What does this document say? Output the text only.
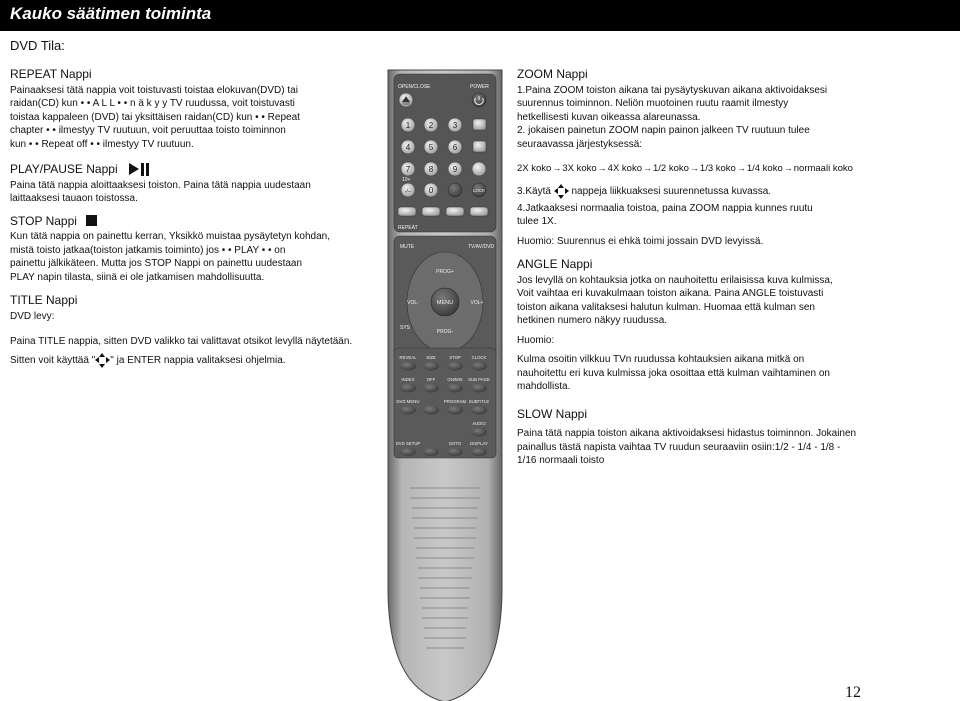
Kauko säätimen toiminta
DVD Tila:
REPEAT Nappi

Painaaksesi tätä nappia voit toistuvasti toistaa elokuvan(DVD) tai

raidan(CD) kun • • A L L • • n ä k y y TV ruudussa, voit toistuvasti

toistaa kappaleen (DVD) tai yksittäisen raidan(CD) kun • • Repeat

chapter • • ilmestyy TV ruutuun, voit peruuttaa toisto toiminnon

kun • • Repeat off • • ilmestyy TV ruutuun.

PLAY/PAUSE Nappi

Paina tätä nappia aloittaaksesi toiston. Paina tätä nappia uudestaan

laittaaksesi tauaon toistossa.

STOP Nappi

Kun tätä nappia on painettu kerran, Yksikkö muistaa pysäytetyn kohdan,

mistä toisto jatkaa(toiston jatkamis toiminto) jos • • PLAY • • on

painettu jälkikäteen. Mutta jos STOP Nappi on painettu uudestaan

PLAY napin tilasta, siinä ei ole jatkamisen mahdollisuutta.

TITLE Nappi

DVD levy:

Paina TITLE nappia, sitten DVD valikko tai valittavat otsikot levyllä näytetään.

Sitten voit käyttää " " ja ENTER nappia valitaksesi ohjelmia.

OPEN/CLOSE	POWER
1 2 3
4 5 6
7 8 9
0
10+
-/--	LOCK
REPEAT
MUTE	TV/AV/DVD
MENU
PROG+
PROG-
VOL-	VOL+
SYS
REVEAL SIZE	STOP	CLOCK
INDEX	OFF	ON/MIX SUB PAGE
DVD MENU	PROGRAM SUBTITLE
AUDIO
DVD SETUP	GOTO DISPLAY
ZOOM Nappi

1.Paina ZOOM toiston aikana tai pysäytyskuvan aikana aktivoidaksesi

suurennus toiminnon. Neliön muotoinen ruutu raamit ilmestyy

hetkellisesti kuvan oikeassa alareunassa.

2. jokaisen painetun ZOOM napin painon jalkeen TV ruutuun tulee

seuraavassa järjestyksessä:

2X koko→3X koko→4X koko→1/2 koko→1/3 koko→1/4 koko→normaali koko

3.Käytä nappeja liikkuaksesi suurennetussa kuvassa.

4.Jatkaaksesi normaalia toistoa, paina ZOOM nappia kunnes ruutu

tulee 1X.

Huomio: Suurennus ei ehkä toimi jossain DVD levyissä.

ANGLE Nappi

Jos levyllä on kohtauksia jotka on nauhoitettu erilaisissa kuva kulmissa,

Voit vaihtaa eri kuvakulmaan toiston aikana. Paina ANGLE toistuvasti

toiston aikana valitaksesi halutun kulman. Huomaa että kulman sen

hetkinen numero näkyy ruudussa.

Huomio:

Kulma osoitin vilkkuu TVn ruudussa kohtauksien aikana mitkä on

nauhoitettu eri kuva kulmissa joka osoittaa että kulman vaihtaminen on

mahdollista.

SLOW Nappi

Paina tätä nappia toiston aikana aktivoidaksesi hidastus toiminnon. Jokainen

painallus tästä napista vaihtaa TV ruudun seuraaviin osiin:1/2 - 1/4 - 1/8 -

1/16 normaali toisto

12
